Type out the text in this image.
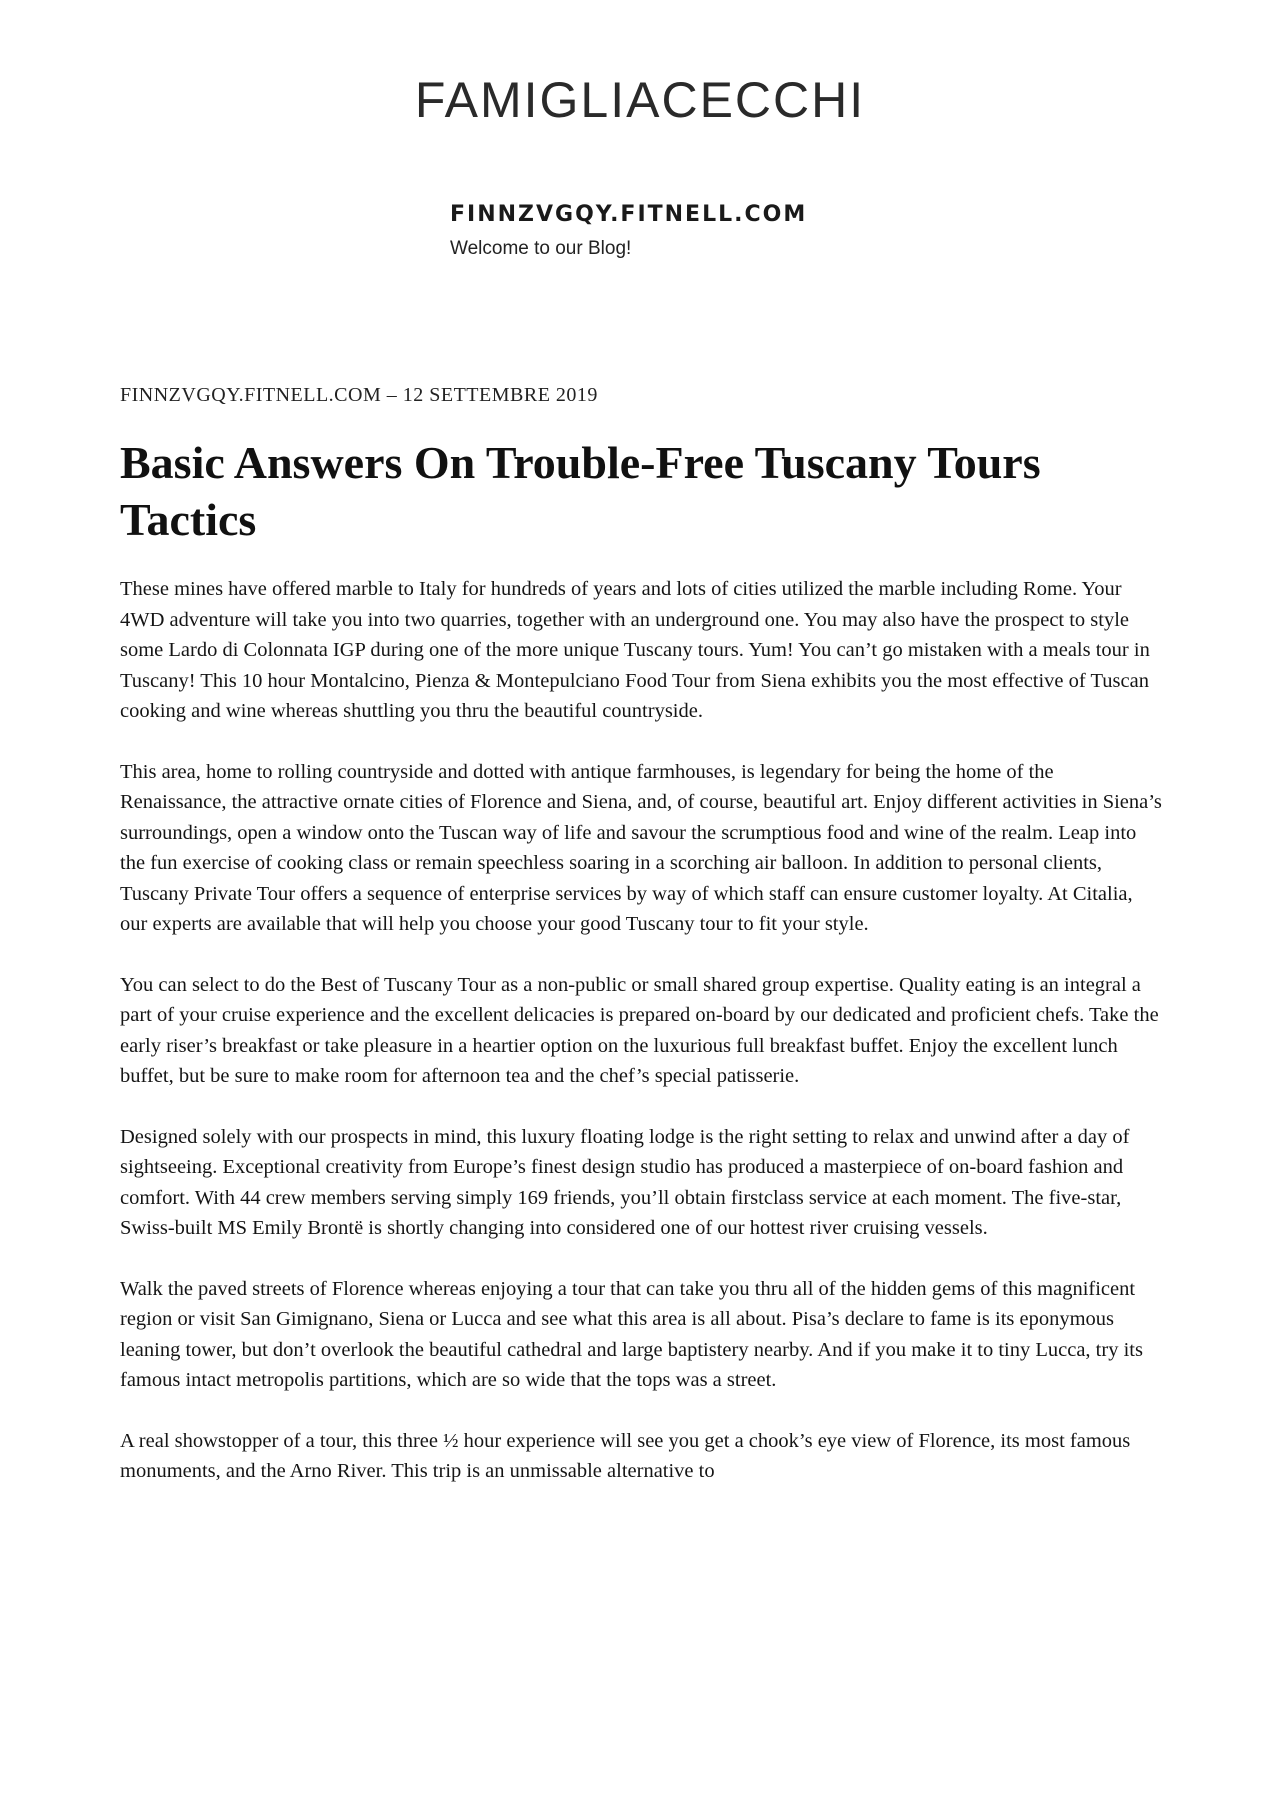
FAMIGLIACECCHI
FINNZVGQY.FITNELL.COM
Welcome to our Blog!
FINNZVGQY.FITNELL.COM – 12 SETTEMBRE 2019
Basic Answers On Trouble-Free Tuscany Tours Tactics

These mines have offered marble to Italy for hundreds of years and lots of cities utilized the marble including Rome. Your 4WD adventure will take you into two quarries, together with an underground one. You may also have the prospect to style some Lardo di Colonnata IGP during one of the more unique Tuscany tours. Yum! You can’t go mistaken with a meals tour in Tuscany! This 10 hour Montalcino, Pienza & Montepulciano Food Tour from Siena exhibits you the most effective of Tuscan cooking and wine whereas shuttling you thru the beautiful countryside.

This area, home to rolling countryside and dotted with antique farmhouses, is legendary for being the home of the Renaissance, the attractive ornate cities of Florence and Siena, and, of course, beautiful art. Enjoy different activities in Siena’s surroundings, open a window onto the Tuscan way of life and savour the scrumptious food and wine of the realm. Leap into the fun exercise of cooking class or remain speechless soaring in a scorching air balloon. In addition to personal clients, Tuscany Private Tour offers a sequence of enterprise services by way of which staff can ensure customer loyalty. At Citalia, our experts are available that will help you choose your good Tuscany tour to fit your style.

You can select to do the Best of Tuscany Tour as a non-public or small shared group expertise. Quality eating is an integral a part of your cruise experience and the excellent delicacies is prepared on-board by our dedicated and proficient chefs. Take the early riser’s breakfast or take pleasure in a heartier option on the luxurious full breakfast buffet. Enjoy the excellent lunch buffet, but be sure to make room for afternoon tea and the chef’s special patisserie.

Designed solely with our prospects in mind, this luxury floating lodge is the right setting to relax and unwind after a day of sightseeing. Exceptional creativity from Europe’s finest design studio has produced a masterpiece of on-board fashion and comfort. With 44 crew members serving simply 169 friends, you’ll obtain firstclass service at each moment. The five-star, Swiss-built MS Emily Brontë is shortly changing into considered one of our hottest river cruising vessels.

Walk the paved streets of Florence whereas enjoying a tour that can take you thru all of the hidden gems of this magnificent region or visit San Gimignano, Siena or Lucca and see what this area is all about. Pisa’s declare to fame is its eponymous leaning tower, but don’t overlook the beautiful cathedral and large baptistery nearby. And if you make it to tiny Lucca, try its famous intact metropolis partitions, which are so wide that the tops was a street.

A real showstopper of a tour, this three ½ hour experience will see you get a chook’s eye view of Florence, its most famous monuments, and the Arno River. This trip is an unmissable alternative to
